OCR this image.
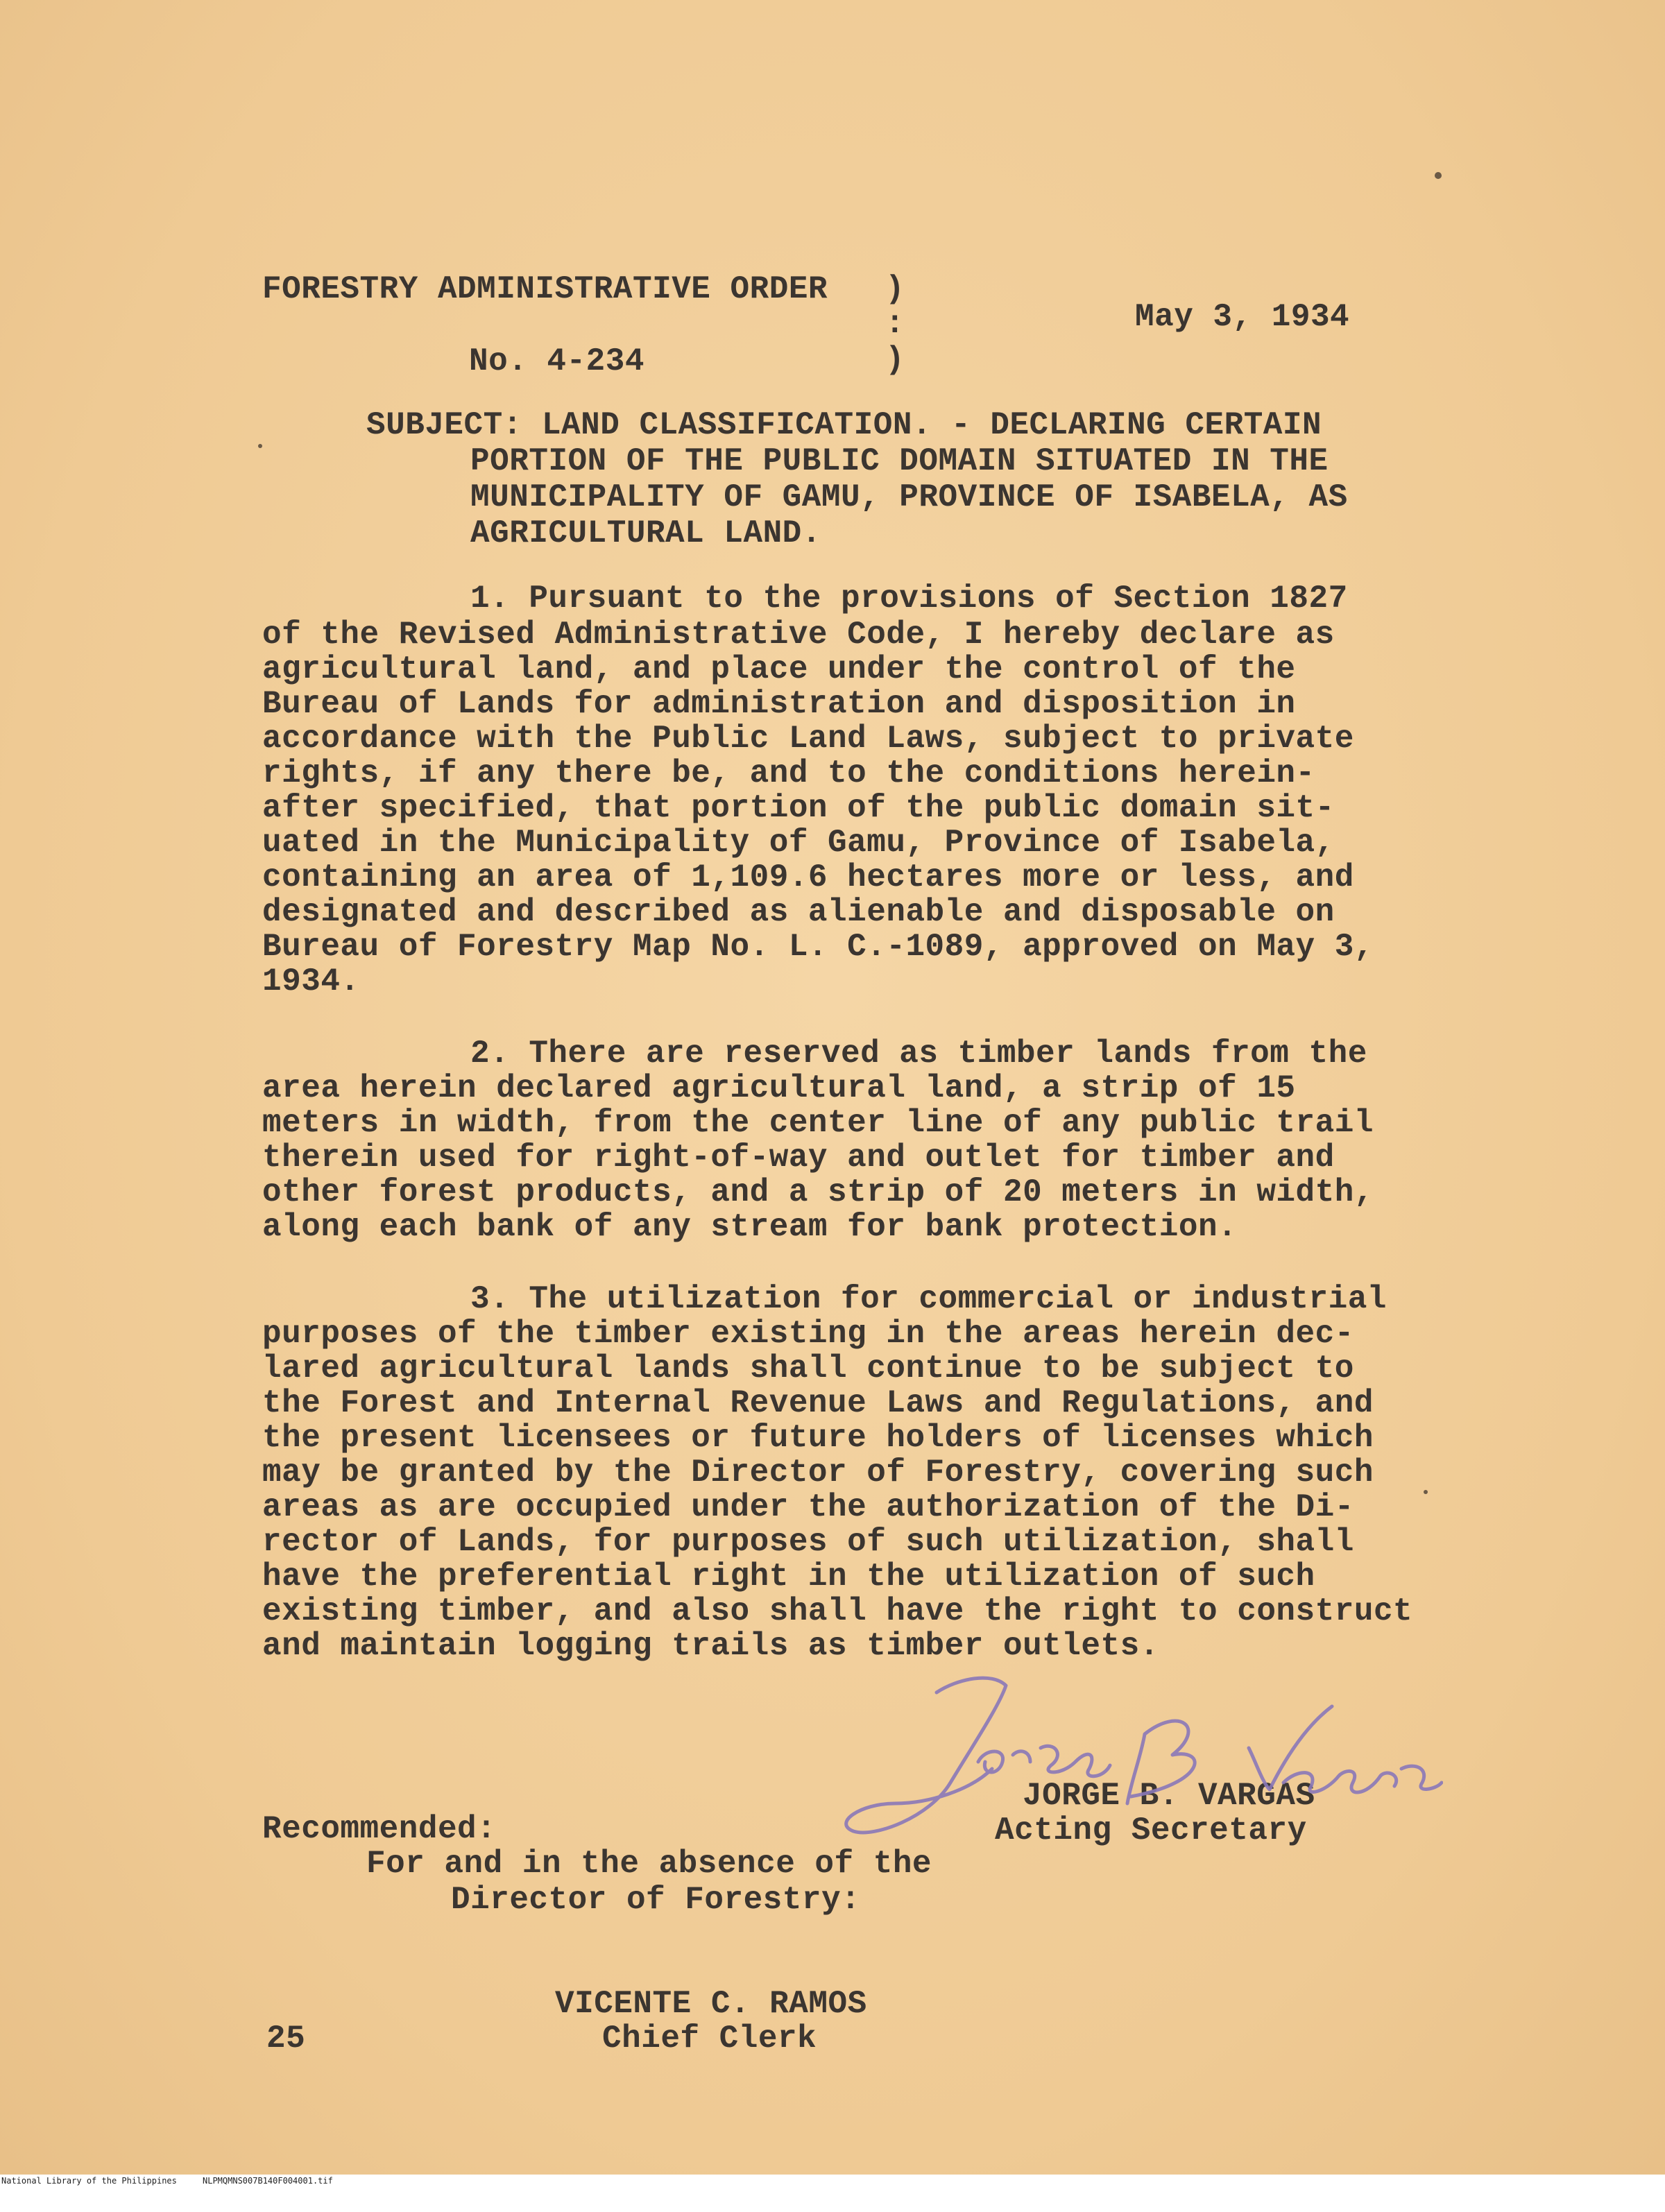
FORESTRY ADMINISTRATIVE ORDER )
:
)
No. 4-234
May 3, 1934
SUBJECT: LAND CLASSIFICATION. - DECLARING CERTAIN
PORTION OF THE PUBLIC DOMAIN SITUATED IN THE
MUNICIPALITY OF GAMU, PROVINCE OF ISABELA, AS
AGRICULTURAL LAND.
1. Pursuant to the provisions of Section 1827
of the Revised Administrative Code, I hereby declare as
agricultural land, and place under the control of the
Bureau of Lands for administration and disposition in
accordance with the Public Land Laws, subject to private
rights, if any there be, and to the conditions herein-
after specified, that portion of the public domain sit-
uated in the Municipality of Gamu, Province of Isabela,
containing an area of 1,109.6 hectares more or less, and
designated and described as alienable and disposable on
Bureau of Forestry Map No. L. C.-1089, approved on May 3,
1934.
2. There are reserved as timber lands from the
area herein declared agricultural land, a strip of 15
meters in width, from the center line of any public trail
therein used for right-of-way and outlet for timber and
other forest products, and a strip of 20 meters in width,
along each bank of any stream for bank protection.
3. The utilization for commercial or industrial
purposes of the timber existing in the areas herein dec-
lared agricultural lands shall continue to be subject to
the Forest and Internal Revenue Laws and Regulations, and
the present licensees or future holders of licenses which
may be granted by the Director of Forestry, covering such
areas as are occupied under the authorization of the Di-
rector of Lands, for purposes of such utilization, shall
have the preferential right in the utilization of such
existing timber, and also shall have the right to construct
and maintain logging trails as timber outlets.
JORGE B. VARGAS
Acting Secretary
Recommended:
For and in the absence of the
Director of Forestry:
VICENTE C. RAMOS
Chief Clerk
25

National Library of the Philippines

	NLPMQMNS007B140F004001.tif
